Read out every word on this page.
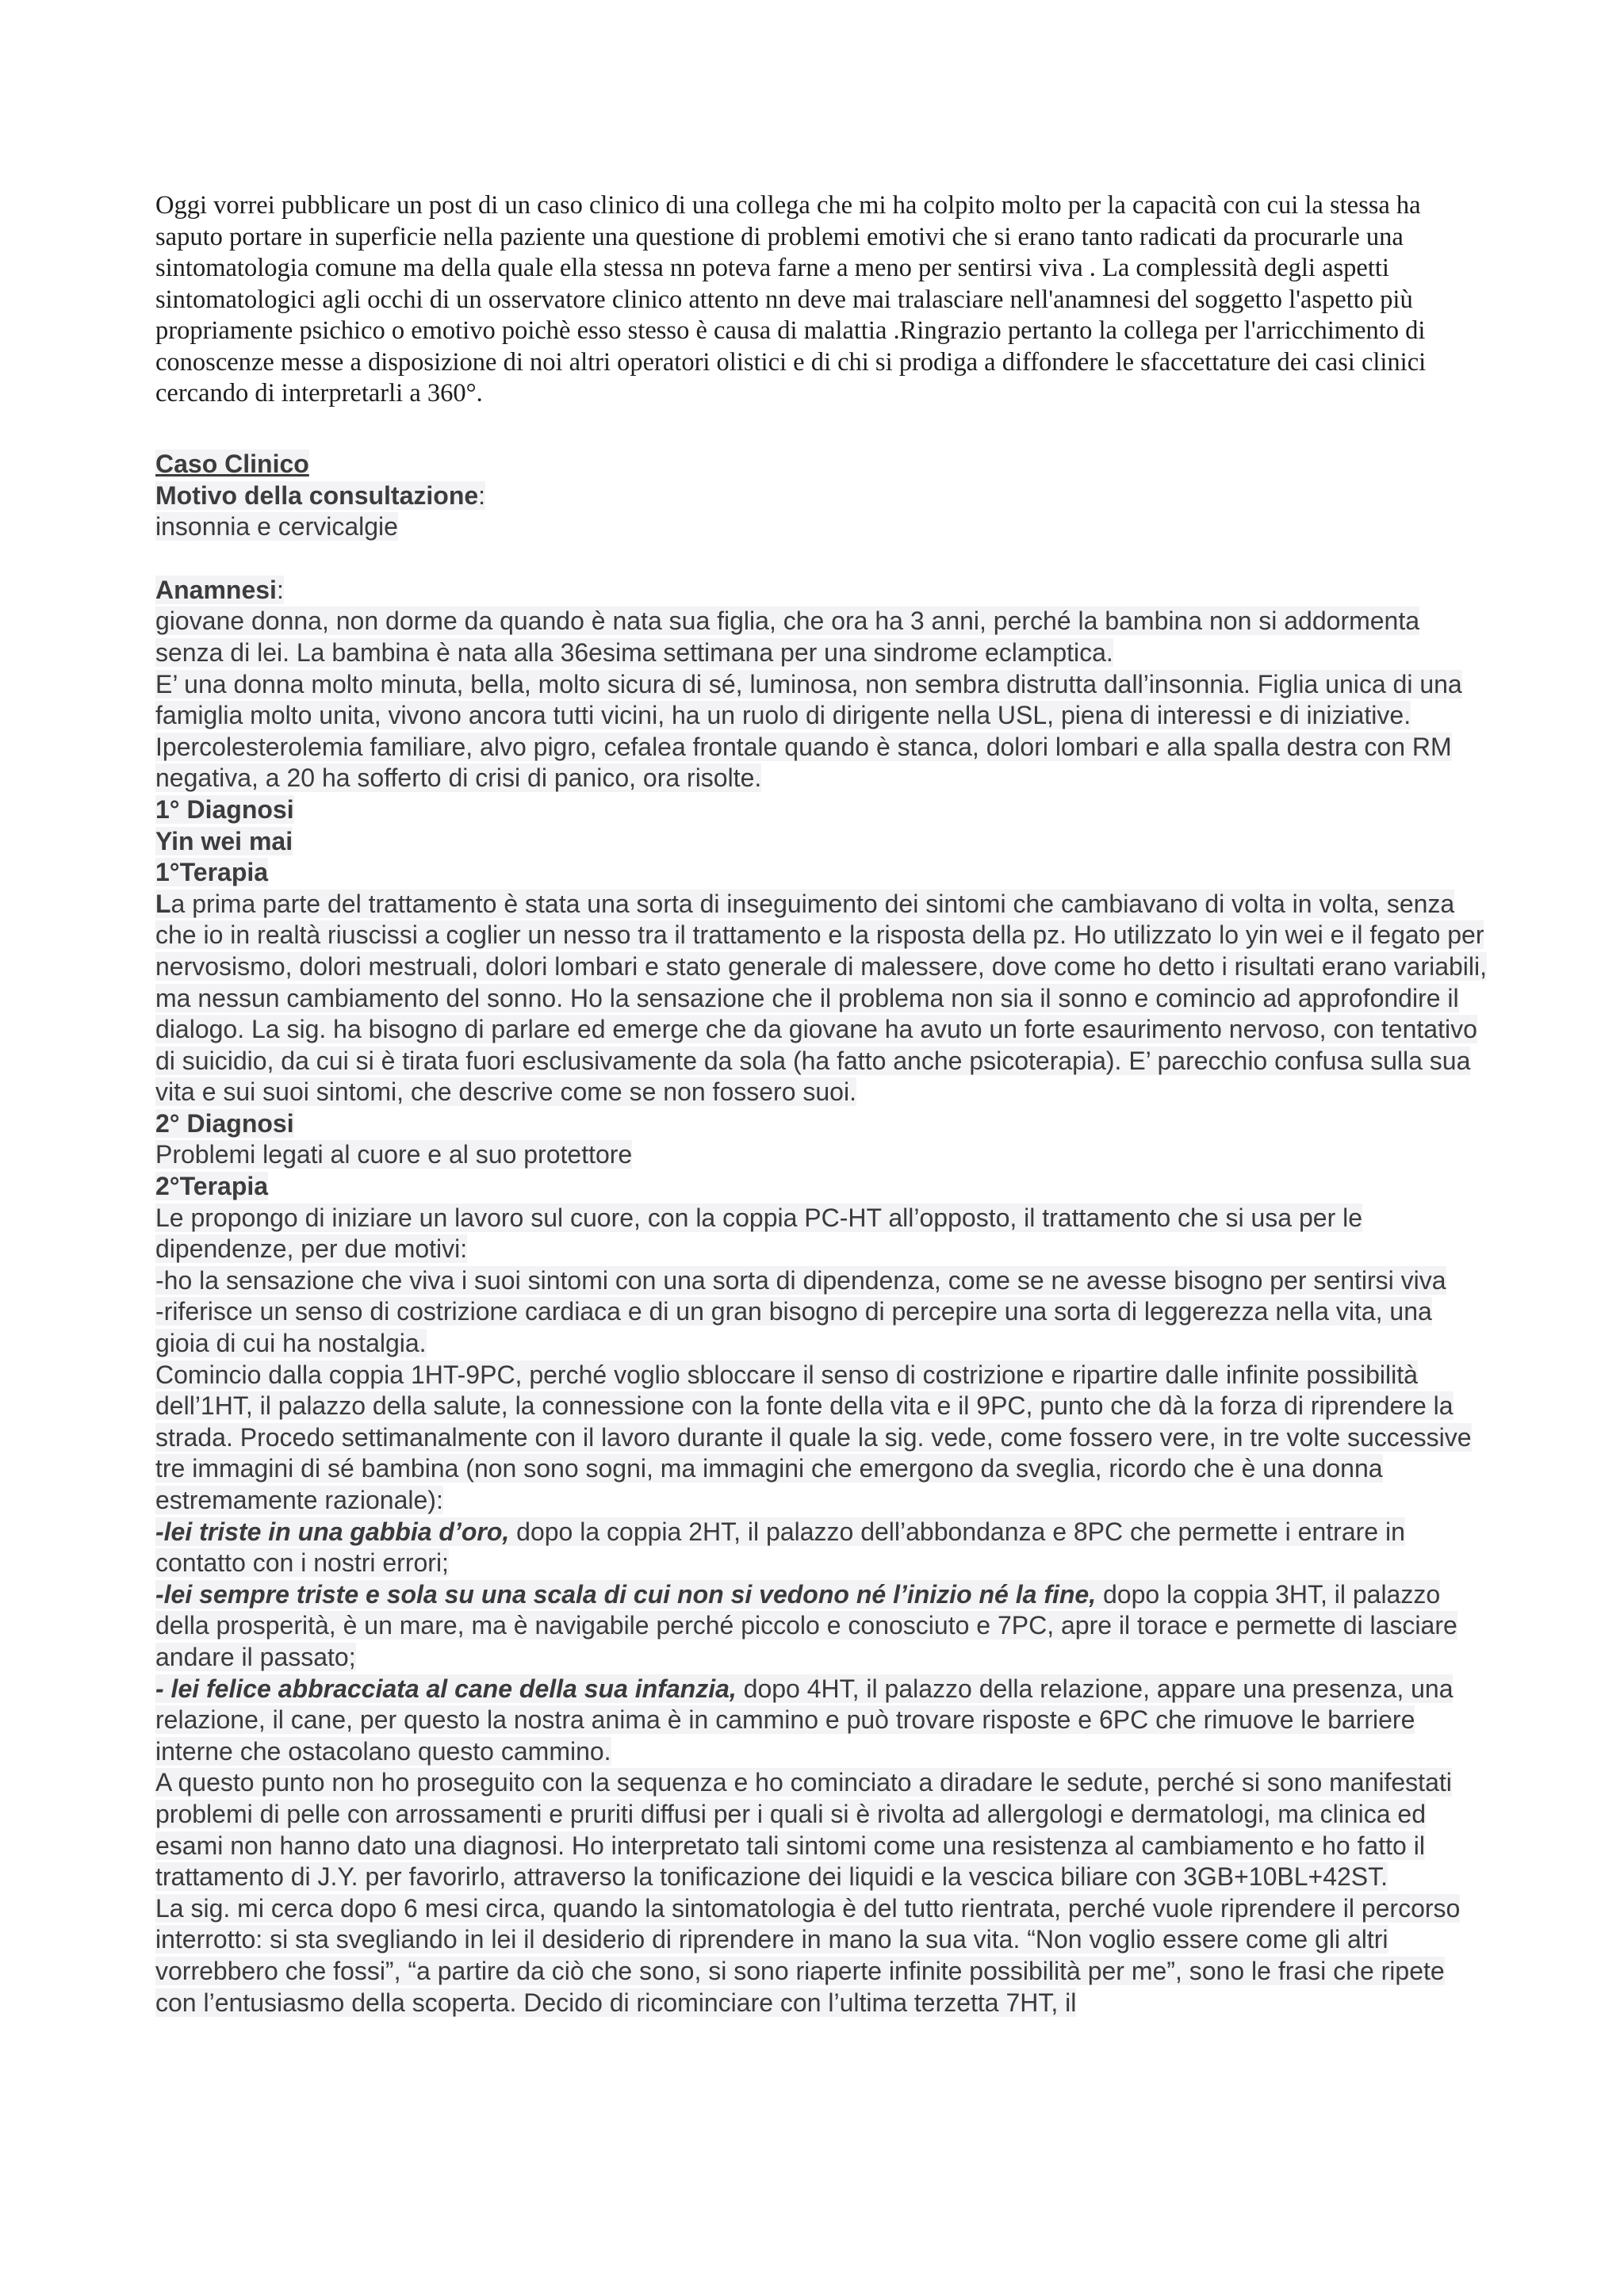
Oggi vorrei pubblicare un post di un caso clinico di una collega che mi ha colpito molto per la capacità con cui la stessa ha saputo portare in superficie nella paziente una questione di problemi emotivi che si erano tanto radicati da procurarle una sintomatologia comune ma della quale ella stessa nn poteva farne a meno per sentirsi viva . La complessità degli aspetti sintomatologici agli occhi di un osservatore clinico attento nn deve mai tralasciare nell'anamnesi del soggetto l'aspetto più propriamente psichico o emotivo poichè esso stesso è causa di malattia .Ringrazio pertanto la collega per l'arricchimento di conoscenze messe a disposizione di noi altri operatori olistici e di chi si prodiga a diffondere le sfaccettature dei casi clinici cercando di interpretarli a 360°.

Caso Clinico
Motivo della consultazione:
insonnia e cervicalgie
Anamnesi:

giovane donna, non dorme da quando è nata sua figlia, che ora ha 3 anni, perché la bambina non si addormenta senza di lei. La bambina è nata alla 36esima settimana per una sindrome eclamptica.

E’ una donna molto minuta, bella, molto sicura di sé, luminosa, non sembra distrutta dall’insonnia. Figlia unica di una famiglia molto unita, vivono ancora tutti vicini, ha un ruolo di dirigente nella USL, piena di interessi e di iniziative. Ipercolesterolemia familiare, alvo pigro, cefalea frontale quando è stanca, dolori lombari e alla spalla destra con RM negativa, a 20 ha sofferto di crisi di panico, ora risolte.

1° Diagnosi
Yin wei mai
1°Terapia

La prima parte del trattamento è stata una sorta di inseguimento dei sintomi che cambiavano di volta in volta, senza che io in realtà riuscissi a coglier un nesso tra il trattamento e la risposta della pz. Ho utilizzato lo yin wei e il fegato per nervosismo, dolori mestruali, dolori lombari e stato generale di malessere, dove come ho detto i risultati erano variabili, ma nessun cambiamento del sonno. Ho la sensazione che il problema non sia il sonno e comincio ad approfondire il dialogo. La sig. ha bisogno di parlare ed emerge che da giovane ha avuto un forte esaurimento nervoso, con tentativo di suicidio, da cui si è tirata fuori esclusivamente da sola (ha fatto anche psicoterapia). E’ parecchio confusa sulla sua vita e sui suoi sintomi, che descrive come se non fossero suoi.

2° Diagnosi
Problemi legati al cuore e al suo protettore
2°Terapia

Le propongo di iniziare un lavoro sul cuore, con la coppia PC-HT all’opposto, il trattamento che si usa per le dipendenze, per due motivi:

-ho la sensazione che viva i suoi sintomi con una sorta di dipendenza, come se ne avesse bisogno per sentirsi viva

-riferisce un senso di costrizione cardiaca e di un gran bisogno di percepire una sorta di leggerezza nella vita, una gioia di cui ha nostalgia.

Comincio dalla coppia 1HT-9PC, perché voglio sbloccare il senso di costrizione e ripartire dalle infinite possibilità dell’1HT, il palazzo della salute, la connessione con la fonte della vita e il 9PC, punto che dà la forza di riprendere la strada. Procedo settimanalmente con il lavoro durante il quale la sig. vede, come fossero vere, in tre volte successive tre immagini di sé bambina (non sono sogni, ma immagini che emergono da sveglia, ricordo che è una donna estremamente razionale):

-lei triste in una gabbia d’oro, dopo la coppia 2HT, il palazzo dell’abbondanza e 8PC che permette i entrare in contatto con i nostri errori;

-lei sempre triste e sola su una scala di cui non si vedono né l’inizio né la fine, dopo la coppia 3HT, il palazzo della prosperità, è un mare, ma è navigabile perché piccolo e conosciuto e 7PC, apre il torace e permette di lasciare andare il passato;

- lei felice abbracciata al cane della sua infanzia, dopo 4HT, il palazzo della relazione, appare una presenza, una relazione, il cane, per questo la nostra anima è in cammino e può trovare risposte e 6PC che rimuove le barriere interne che ostacolano questo cammino.

A questo punto non ho proseguito con la sequenza e ho cominciato a diradare le sedute, perché si sono manifestati problemi di pelle con arrossamenti e pruriti diffusi per i quali si è rivolta ad allergologi e dermatologi, ma clinica ed esami non hanno dato una diagnosi. Ho interpretato tali sintomi come una resistenza al cambiamento e ho fatto il trattamento di J.Y. per favorirlo, attraverso la tonificazione dei liquidi e la vescica biliare con 3GB+10BL+42ST.

La sig. mi cerca dopo 6 mesi circa, quando la sintomatologia è del tutto rientrata, perché vuole riprendere il percorso interrotto: si sta svegliando in lei il desiderio di riprendere in mano la sua vita. “Non voglio essere come gli altri vorrebbero che fossi”, “a partire da ciò che sono, si sono riaperte infinite possibilità per me”, sono le frasi che ripete con l’entusiasmo della scoperta. Decido di ricominciare con l’ultima terzetta 7HT, il
